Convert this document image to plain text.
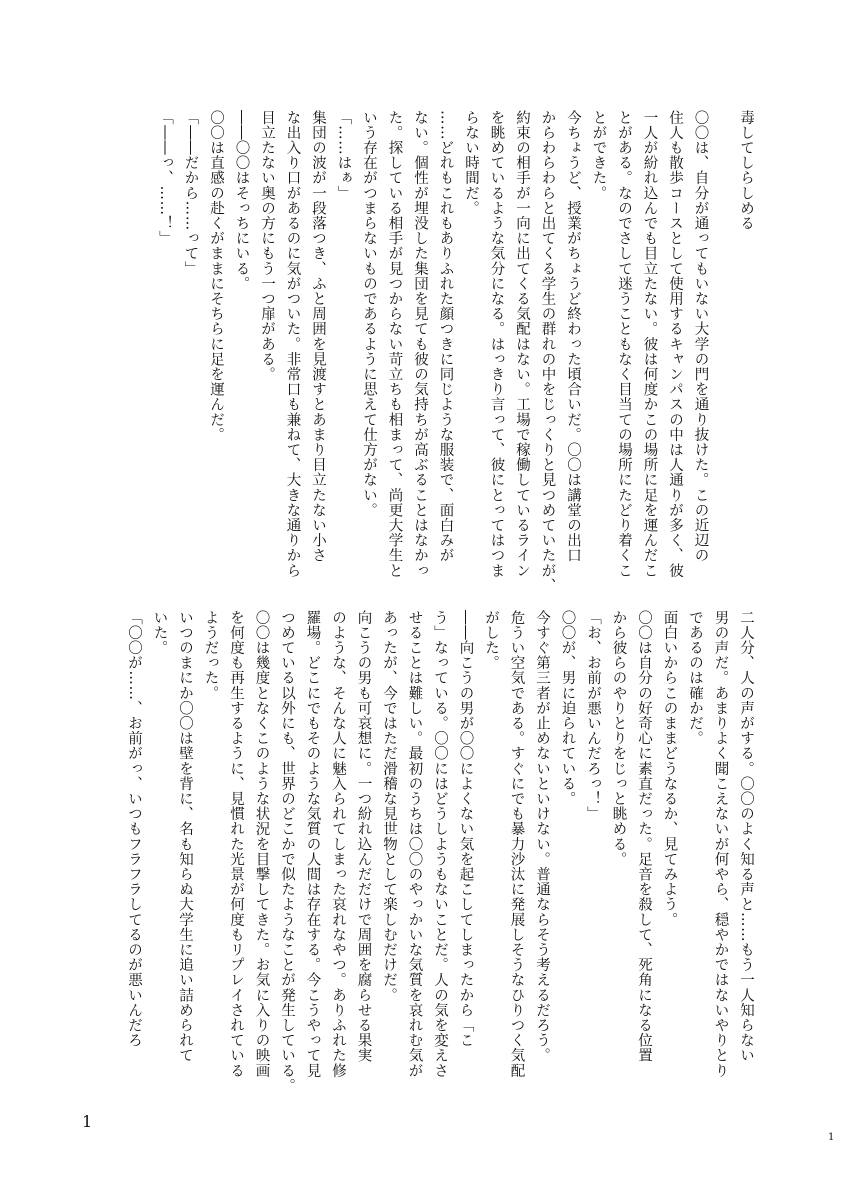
毒してしらしめる

〇〇は、自分が通ってもいない大学の門を通り抜けた。この近辺の

住人も散歩コースとして使用するキャンパスの中は人通りが多く、彼

一人が紛れ込んでも目立たない。彼は何度かこの場所に足を運んだこ

とがある。なのでさして迷うこともなく目当ての場所にたどり着くこ

とができた。

今ちょうど、授業がちょうど終わった頃合いだ。〇〇は講堂の出口

からわらわらと出てくる学生の群れの中をじっくりと見つめていたが、

約束の相手が一向に出てくる気配はない。工場で稼働しているライン

を眺めているような気分になる。はっきり言って、彼にとってはつま

らない時間だ。

……どれもこれもありふれた顔つきに同じような服装で、面白みが

ない。個性が埋没した集団を見ても彼の気持ちが高ぶることはなかっ

た。探している相手が見つからない苛立ちも相まって、尚更大学生と

いう存在がつまらないものであるように思えて仕方がない。

「……はぁ」

集団の波が一段落つき、ふと周囲を見渡すとあまり目立たない小さ

な出入り口があるのに気がついた。非常口も兼ねて、大きな通りから

目立たない奥の方にもう一つ扉がある。

――〇〇はそっちにいる。

〇〇は直感の赴くがままにそちらに足を運んだ。

「――だから……って」

「――っ、……！」

二人分、人の声がする。〇〇のよく知る声と……もう一人知らない

男の声だ。あまりよく聞こえないが何やら、穏やかではないやりとり

であるのは確かだ。

面白いからこのままどうなるか、見てみよう。

〇〇は自分の好奇心に素直だった。足音を殺して、死角になる位置

から彼らのやりとりをじっと眺める。

「お、お前が悪いんだろっ！」

〇〇が、男に迫られている。

今すぐ第三者が止めないといけない。普通ならそう考えるだろう。

危うい空気である。すぐにでも暴力沙汰に発展しそうなひりつく気配

がした。

――向こうの男が〇〇によくない気を起こしてしまったから「こ

う」なっている。〇〇にはどうしようもないことだ。人の気を変えさ

せることは難しい。最初のうちは〇〇のやっかいな気質を哀れむ気が

あったが、今ではただ滑稽な見世物として楽しむだけだ。

向こうの男も可哀想に。一つ紛れ込んだだけで周囲を腐らせる果実

のような、そんな人に魅入られてしまった哀れなやつ。ありふれた修

羅場。どこにでもそのような気質の人間は存在する。今こうやって見

つめている以外にも、世界のどこかで似たようなことが発生している。

〇〇は幾度となくこのような状況を目撃してきた。お気に入りの映画

を何度も再生するように、見慣れた光景が何度もリプレイされている

ようだった。

いつのまにか〇〇は壁を背に、名も知らぬ大学生に追い詰められて

いた。

「〇〇が……、お前がっ、いつもフラフラしてるのが悪いんだろ

1
1
